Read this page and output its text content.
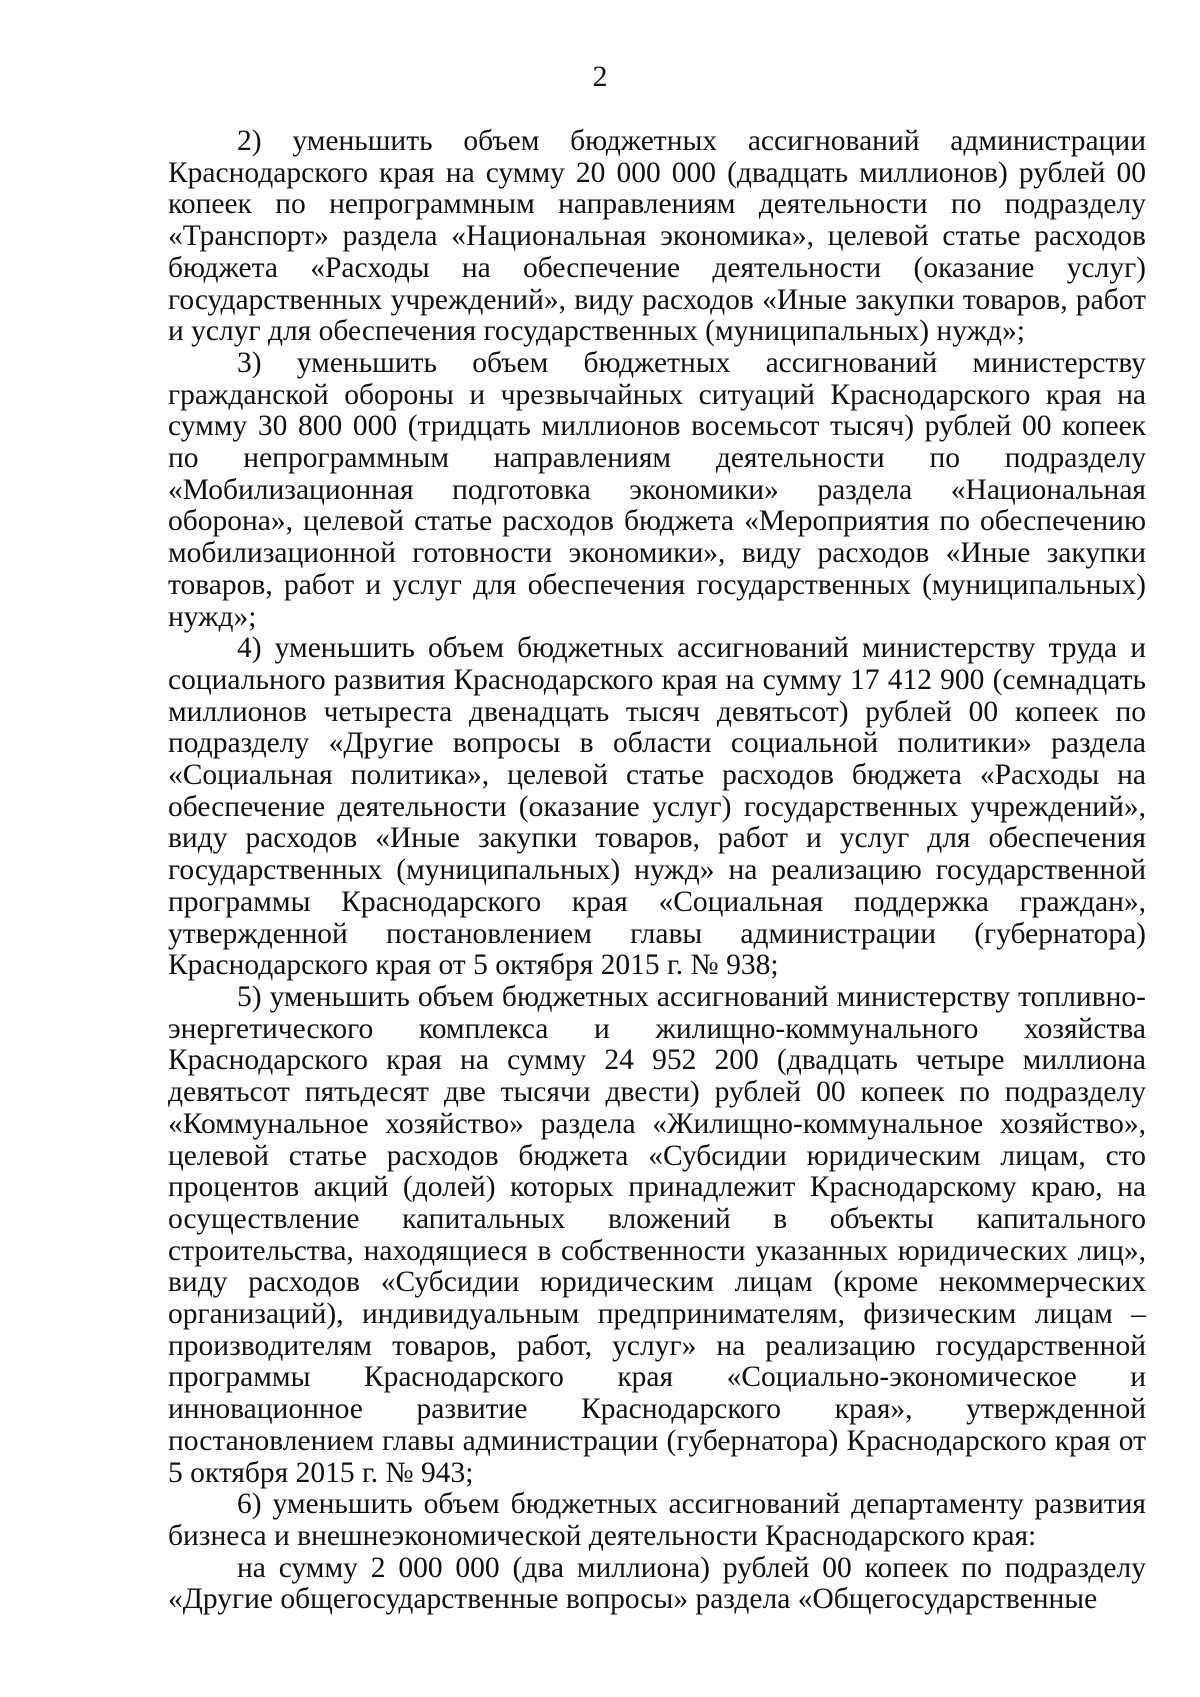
2

2) уменьшить объем бюджетных ассигнований администрации Краснодарского края на сумму 20 000 000 (двадцать миллионов) рублей 00 копеек по непрограммным направлениям деятельности по подразделу «Транспорт» раздела «Национальная экономика», целевой статье расходов бюджета «Расходы на обеспечение деятельности (оказание услуг) государственных учреждений», виду расходов «Иные закупки товаров, работ и услуг для обеспечения государственных (муниципальных) нужд»;

3) уменьшить объем бюджетных ассигнований министерству гражданской обороны и чрезвычайных ситуаций Краснодарского края на сумму 30 800 000 (тридцать миллионов восемьсот тысяч) рублей 00 копеек по непрограммным направлениям деятельности по подразделу «Мобилизационная подготовка экономики» раздела «Национальная оборона», целевой статье расходов бюджета «Мероприятия по обеспечению мобилизационной готовности экономики», виду расходов «Иные закупки товаров, работ и услуг для обеспечения государственных (муниципальных) нужд»;

4) уменьшить объем бюджетных ассигнований министерству труда и социального развития Краснодарского края на сумму 17 412 900 (семнадцать миллионов четыреста двенадцать тысяч девятьсот) рублей 00 копеек по подразделу «Другие вопросы в области социальной политики» раздела «Социальная политика», целевой статье расходов бюджета «Расходы на обеспечение деятельности (оказание услуг) государственных учреждений», виду расходов «Иные закупки товаров, работ и услуг для обеспечения государственных (муниципальных) нужд» на реализацию государственной программы Краснодарского края «Социальная поддержка граждан», утвержденной постановлением главы администрации (губернатора) Краснодарского края от 5 октября 2015 г. № 938;

5) уменьшить объем бюджетных ассигнований министерству топливно-энергетического комплекса и жилищно-коммунального хозяйства Краснодарского края на сумму 24 952 200 (двадцать четыре миллиона девятьсот пятьдесят две тысячи двести) рублей 00 копеек по подразделу «Коммунальное хозяйство» раздела «Жилищно-коммунальное хозяйство», целевой статье расходов бюджета «Субсидии юридическим лицам, сто процентов акций (долей) которых принадлежит Краснодарскому краю, на осуществление капитальных вложений в объекты капитального строительства, находящиеся в собственности указанных юридических лиц», виду расходов «Субсидии юридическим лицам (кроме некоммерческих организаций), индивидуальным предпринимателям, физическим лицам – производителям товаров, работ, услуг» на реализацию государственной программы Краснодарского края «Социально-экономическое и инновационное развитие Краснодарского края», утвержденной постановлением главы администрации (губернатора) Краснодарского края от 5 октября 2015 г. № 943;

6) уменьшить объем бюджетных ассигнований департаменту развития бизнеса и внешнеэкономической деятельности Краснодарского края:

на сумму 2 000 000 (два миллиона) рублей 00 копеек по подразделу «Другие общегосударственные вопросы» раздела «Общегосударственные
